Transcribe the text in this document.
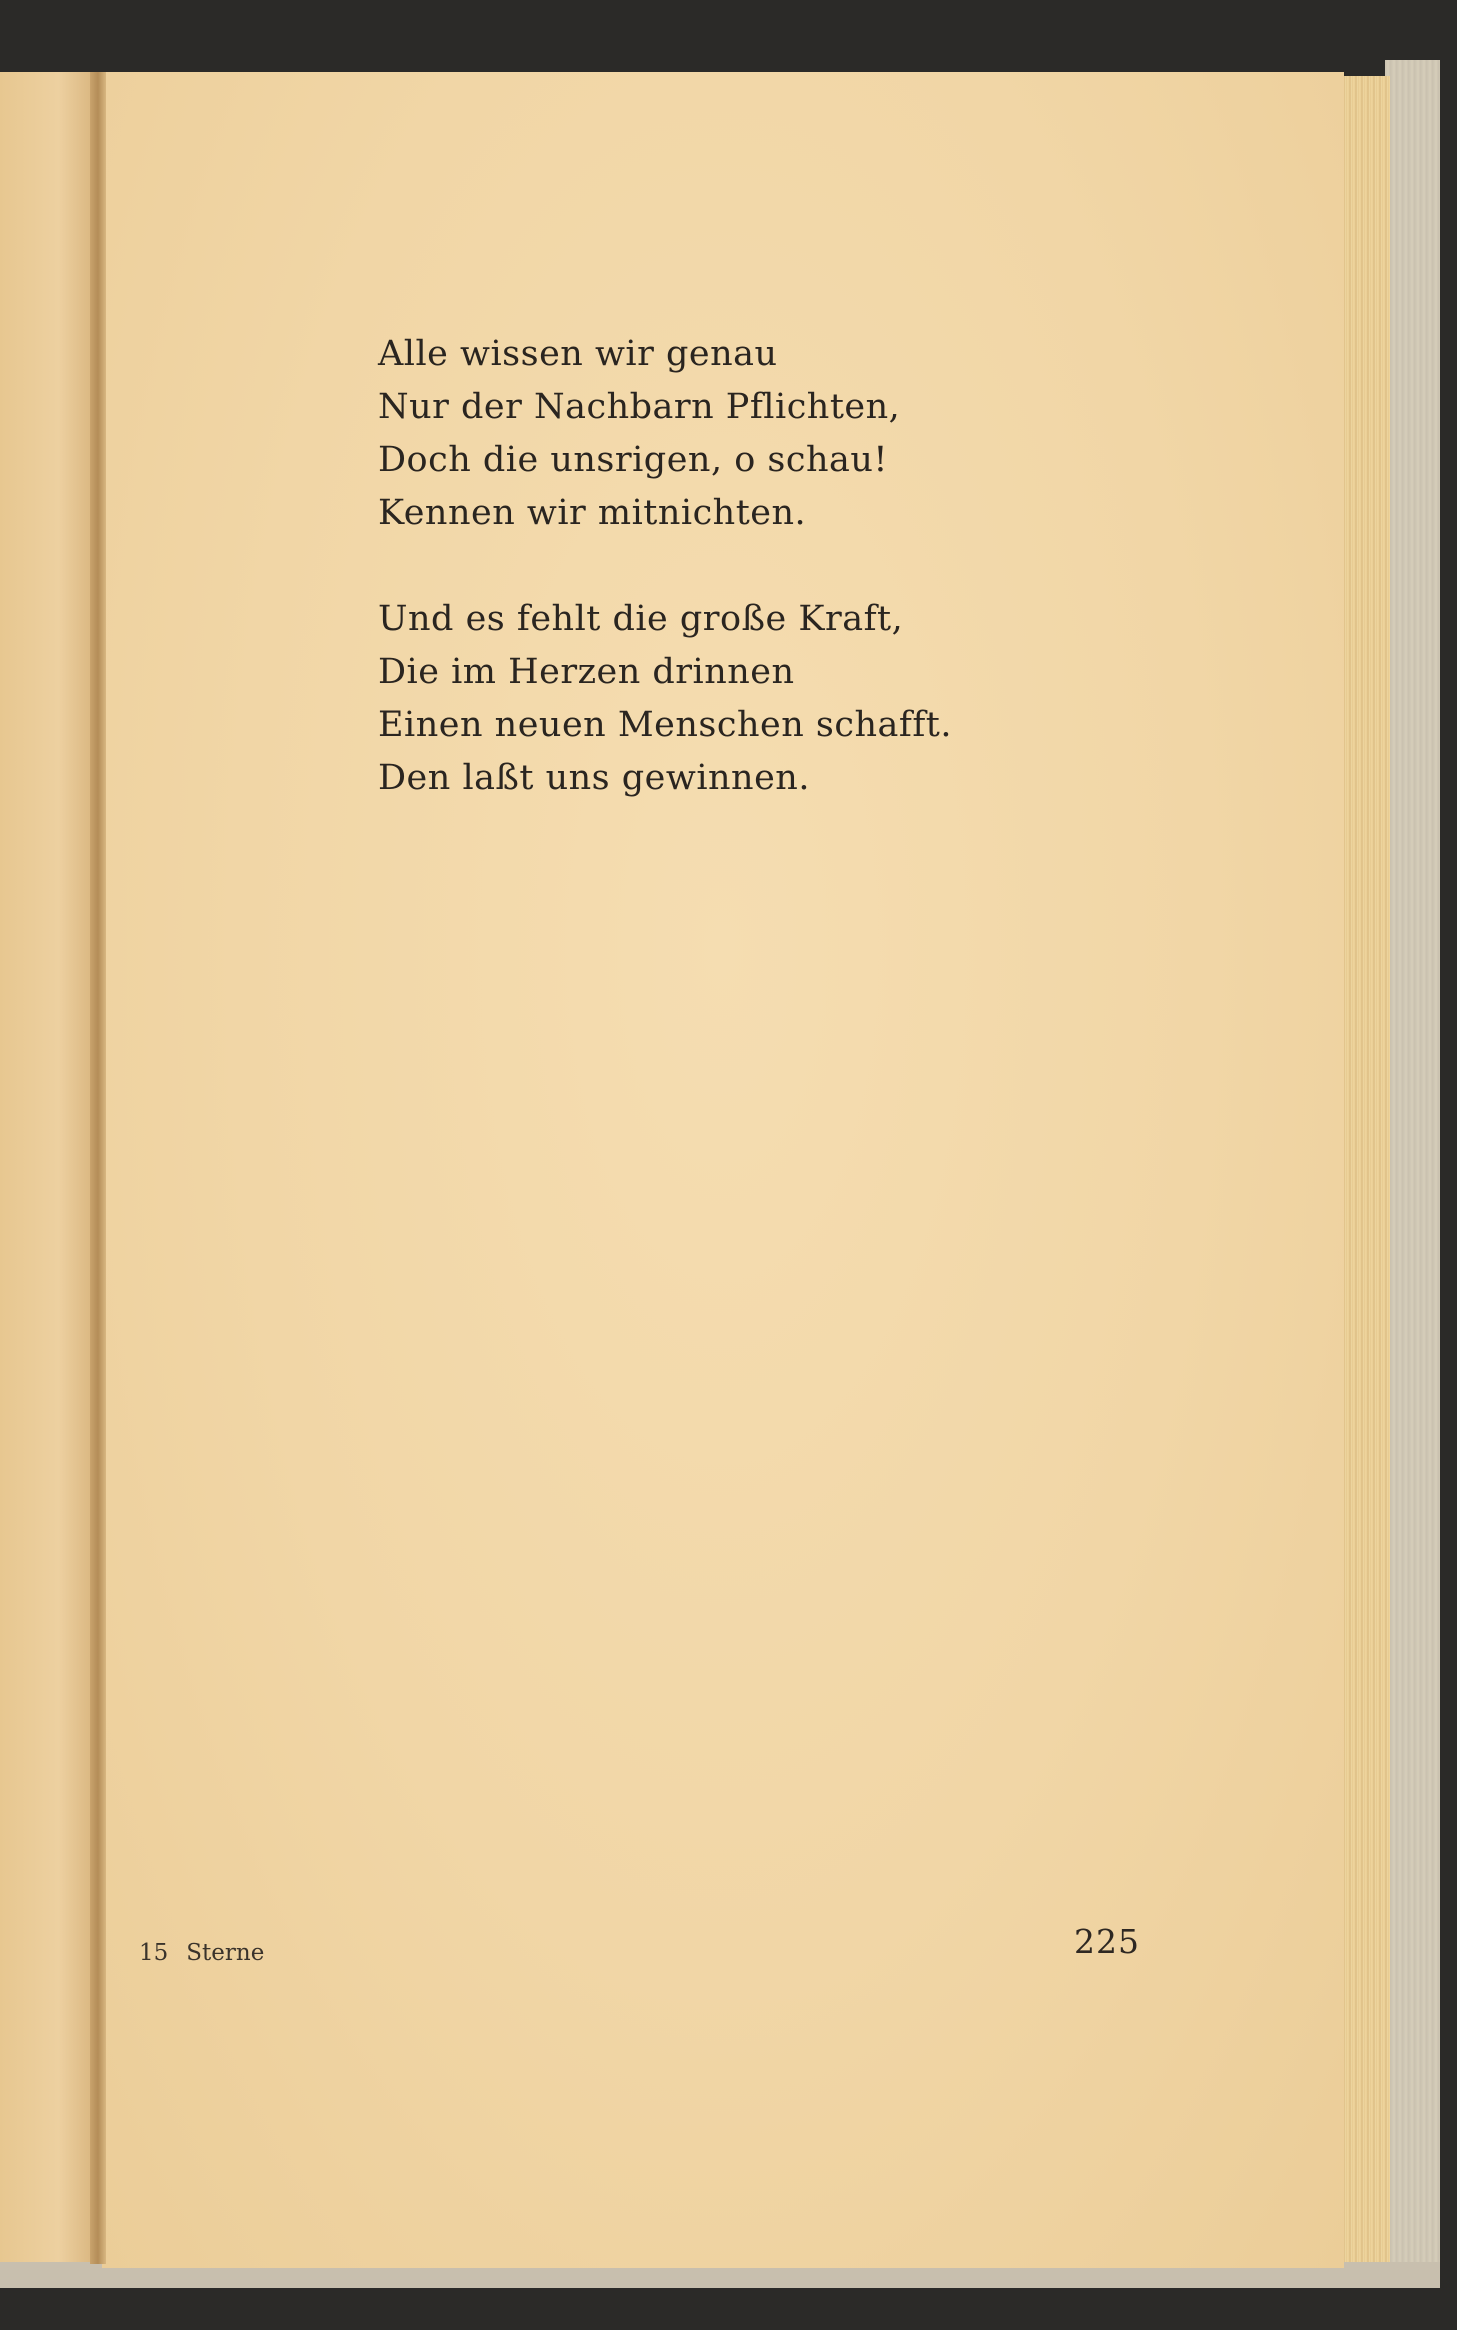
Alle wissen wir genau
Nur der Nachbarn Pflichten,
Doch die unsrigen, o schau!
Kennen wir mitnichten.
Und es fehlt die große Kraft,
Die im Herzen drinnen
Einen neuen Menschen schafft.
Den laßt uns gewinnen.
15 Sterne	225
